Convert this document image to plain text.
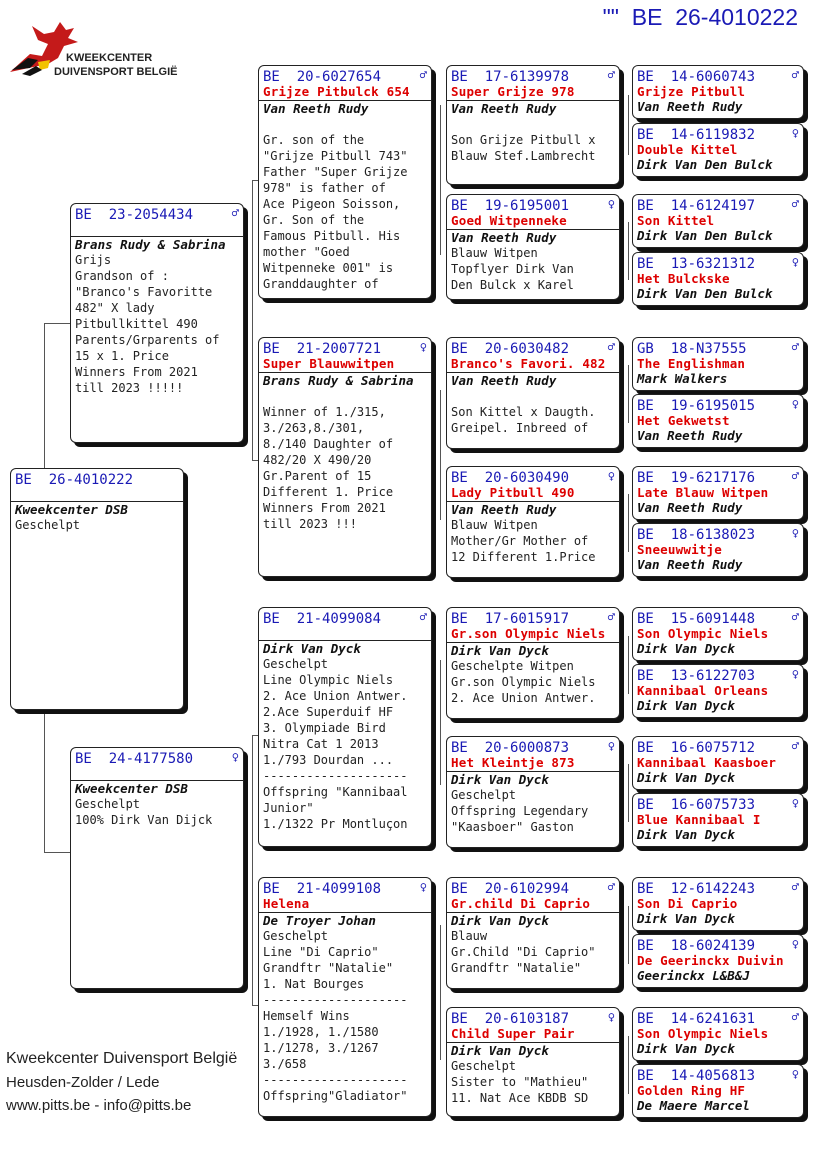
""  BE  26-4010222
KWEEKCENTER
DUIVENSPORT BELGIË
BE  26-4010222
Kweekcenter DSB
Geschelpt
BE  23-2054434	♂
Brans Rudy & Sabrina
Grijs
Grandson of :
"Branco's Favoritte
482" X lady
Pitbullkittel 490
Parents/Grparents of
15 x 1. Price
Winners From 2021
till 2023 !!!!!
BE  24-4177580	♀
Kweekcenter DSB
Geschelpt
100% Dirk Van Dijck
BE  20-6027654	♂
Grijze Pitbulck 654
Van Reeth Rudy
Gr. son of the
"Grijze Pitbull 743"
Father "Super Grijze
978" is father of
Ace Pigeon Soisson,
Gr. Son of the
Famous Pitbull. His
mother "Goed
Witpenneke 001" is
Granddaughter of
BE  21-2007721	♀
Super Blauwwitpen
Brans Rudy & Sabrina
Winner of 1./315,
3./263,8./301,
8./140 Daughter of
482/20 X 490/20
Gr.Parent of 15
Different 1. Price
Winners From 2021
till 2023 !!!
BE  21-4099084	♂
Dirk Van Dyck
Geschelpt
Line Olympic Niels
2. Ace Union Antwer.
2.Ace Superduif HF
3. Olympiade Bird
Nitra Cat 1 2013
1./793 Dourdan ...
--------------------
Offspring "Kannibaal
Junior"
1./1322 Pr Montluçon
BE  21-4099108	♀
Helena
De Troyer Johan
Geschelpt
Line "Di Caprio"
Grandftr "Natalie"
1. Nat Bourges
--------------------
Hemself Wins
1./1928, 1./1580
1./1278, 3./1267
3./658
--------------------
Offspring"Gladiator"
BE  17-6139978	♂
Super Grijze 978
Van Reeth Rudy
Son Grijze Pitbull x
Blauw Stef.Lambrecht
BE  19-6195001	♀
Goed Witpenneke
Van Reeth Rudy
Blauw Witpen
Topflyer Dirk Van
Den Bulck x Karel
BE  20-6030482	♂
Branco's Favori. 482
Van Reeth Rudy
Son Kittel x Daugth.
Greipel. Inbreed of
BE  20-6030490	♀
Lady Pitbull 490
Van Reeth Rudy
Blauw Witpen
Mother/Gr Mother of
12 Different 1.Price
BE  17-6015917	♂
Gr.son Olympic Niels
Dirk Van Dyck
Geschelpte Witpen
Gr.son Olympic Niels
2. Ace Union Antwer.
BE  20-6000873	♀
Het Kleintje 873
Dirk Van Dyck
Geschelpt
Offspring Legendary
"Kaasboer" Gaston
BE  20-6102994	♂
Gr.child Di Caprio
Dirk Van Dyck
Blauw
Gr.Child "Di Caprio"
Grandftr "Natalie"
BE  20-6103187	♀
Child Super Pair
Dirk Van Dyck
Geschelpt
Sister to "Mathieu"
11. Nat Ace KBDB SD
BE  14-6060743	♂
Grijze Pitbull
Van Reeth Rudy
BE  14-6119832	♀
Double Kittel
Dirk Van Den Bulck
BE  14-6124197	♂
Son Kittel
Dirk Van Den Bulck
BE  13-6321312	♀
Het Bulckske
Dirk Van Den Bulck
GB  18-N37555	♂
The Englishman
Mark Walkers
BE  19-6195015	♀
Het Gekwetst
Van Reeth Rudy
BE  19-6217176	♂
Late Blauw Witpen
Van Reeth Rudy
BE  18-6138023	♀
Sneeuwwitje
Van Reeth Rudy
BE  15-6091448	♂
Son Olympic Niels
Dirk Van Dyck
BE  13-6122703	♀
Kannibaal Orleans
Dirk Van Dyck
BE  16-6075712	♂
Kannibaal Kaasboer
Dirk Van Dyck
BE  16-6075733	♀
Blue Kannibaal I
Dirk Van Dyck
BE  12-6142243	♂
Son Di Caprio
Dirk Van Dyck
BE  18-6024139	♀
De Geerinckx Duivin
Geerinckx L&B&J
BE  14-6241631	♂
Son Olympic Niels
Dirk Van Dyck
BE  14-4056813	♀
Golden Ring HF
De Maere Marcel
Kweekcenter Duivensport België
Heusden-Zolder / Lede
www.pitts.be - info@pitts.be
